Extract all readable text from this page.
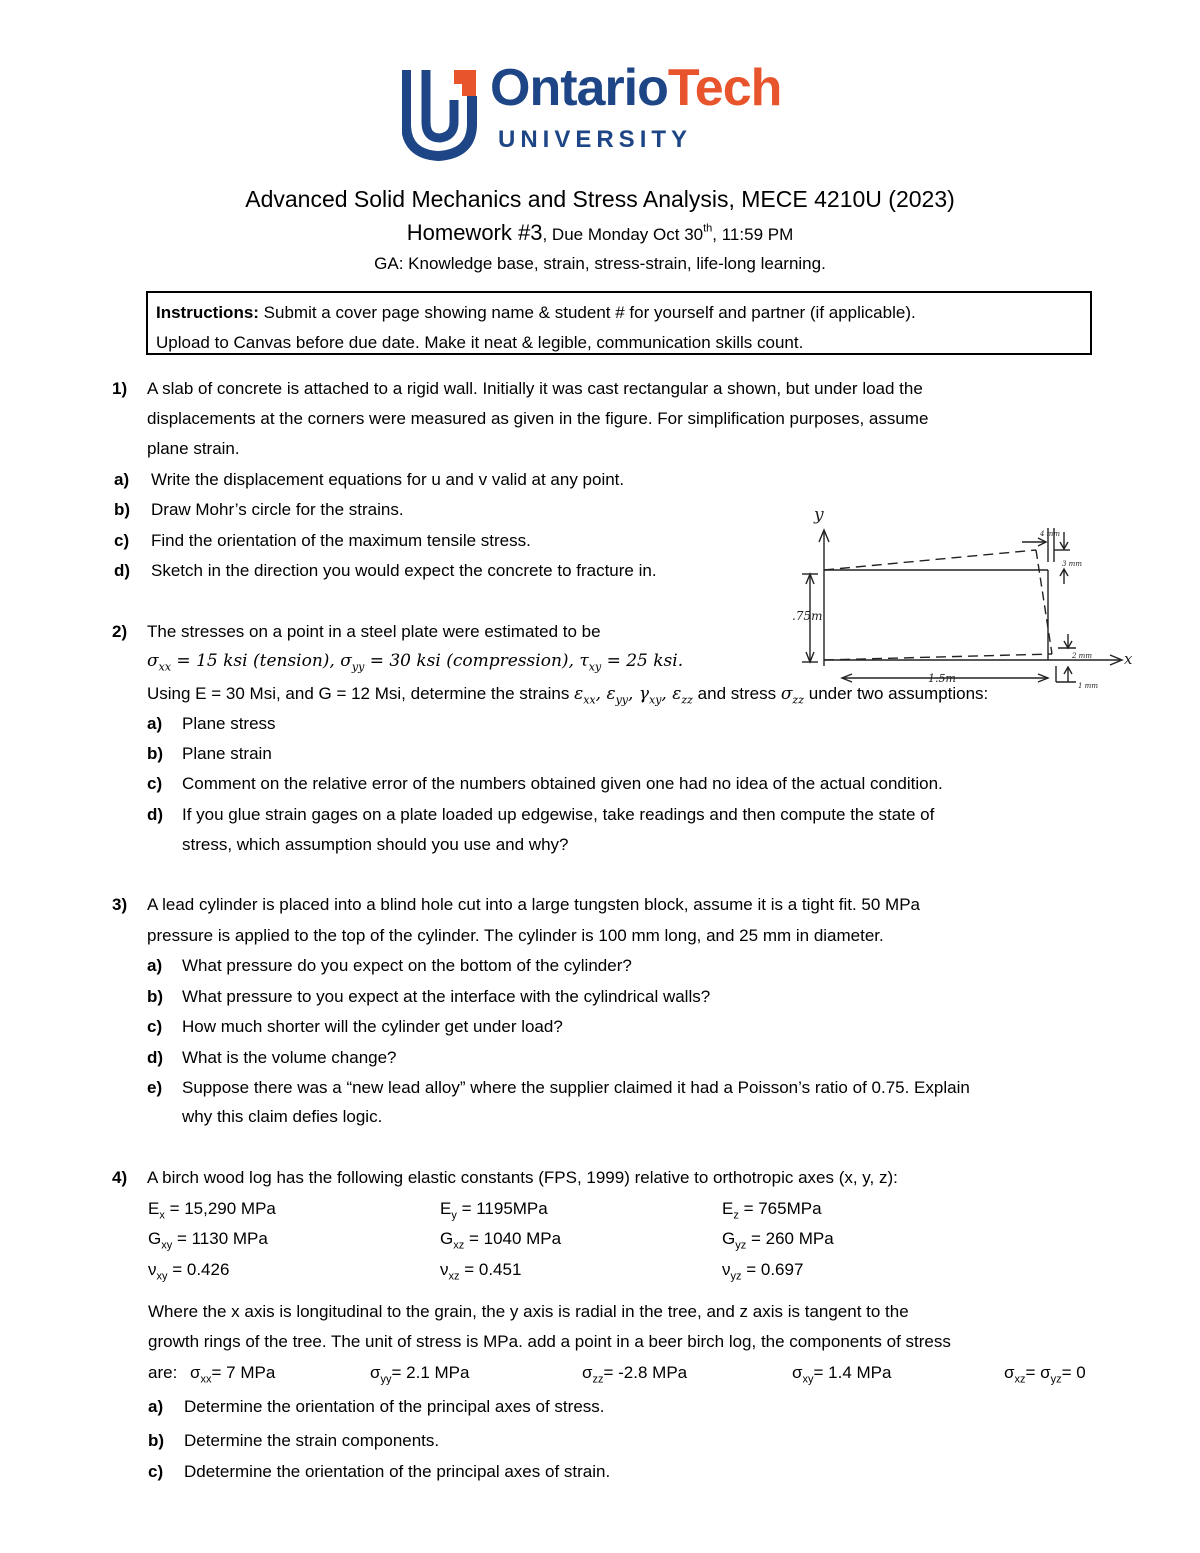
OntarioTech
UNIVERSITY
Advanced Solid Mechanics and Stress Analysis, MECE 4210U (2023)
Homework #3, Due Monday Oct 30th, 11:59 PM
GA: Knowledge base, strain, stress-strain, life-long learning.
Instructions: Submit a cover page showing name & student # for yourself and partner (if applicable).
Upload to Canvas before due date. Make it neat & legible, communication skills count.
1) A slab of concrete is attached to a rigid wall. Initially it was cast rectangular a shown, but under load the
displacements at the corners were measured as given in the figure. For simplification purposes, assume
plane strain.
a) Write the displacement equations for u and v valid at any point.
b) Draw Mohr’s circle for the strains.
c) Find the orientation of the maximum tensile stress.
d) Sketch in the direction you would expect the concrete to fracture in.
y
x
.75m
1.5m
4 mm
3 mm
2 mm
1 mm
2) The stresses on a point in a steel plate were estimated to be
$\sigma_{xx} = 15$ ksi (tension), $\sigma_{yy} = 30$ ksi (compression), $\tau_{xy} = 25$ ksi.
Using E = 30 Msi, and G = 12 Msi, determine the strains $\varepsilon_{xx}$, $\varepsilon_{yy}$, $\gamma_{xy}$, $\varepsilon_{zz}$ and stress $\sigma_{zz}$ under two assumptions:
a) Plane stress
b) Plane strain
c) Comment on the relative error of the numbers obtained given one had no idea of the actual condition.
d) If you glue strain gages on a plate loaded up edgewise, take readings and then compute the state of
stress, which assumption should you use and why?
3) A lead cylinder is placed into a blind hole cut into a large tungsten block, assume it is a tight fit. 50 MPa
pressure is applied to the top of the cylinder. The cylinder is 100 mm long, and 25 mm in diameter.
a) What pressure do you expect on the bottom of the cylinder?
b) What pressure to you expect at the interface with the cylindrical walls?
c) How much shorter will the cylinder get under load?
d) What is the volume change?
e) Suppose there was a “new lead alloy” where the supplier claimed it had a Poisson’s ratio of 0.75. Explain
why this claim defies logic.
4) A birch wood log has the following elastic constants (FPS, 1999) relative to orthotropic axes (x, y, z):
$E_x = 15,290$ MPa	$E_y = 1195MPa$	$E_z = 765MPa$
$G_{xy} = 1130$ MPa	$G_{xz} = 1040$ MPa	$G_{yz} = 260$ MPa
$\nu_{xy} = 0.426$	$\nu_{xz} = 0.451$	$\nu_{yz} = 0.697$
Where the x axis is longitudinal to the grain, the y axis is radial in the tree, and z axis is tangent to the
growth rings of the tree. The unit of stress is MPa. add a point in a beer birch log, the components of stress
are: $\sigma_{xx}= 7$ MPa	$\sigma_{yy}= 2.1$ MPa	$\sigma_{zz}= -2.8$ MPa	$\sigma_{xy}= 1.4$ MPa	$\sigma_{xz}= \sigma_{yz}= 0$
a) Determine the orientation of the principal axes of stress.
b) Determine the strain components.
c) Ddetermine the orientation of the principal axes of strain.
